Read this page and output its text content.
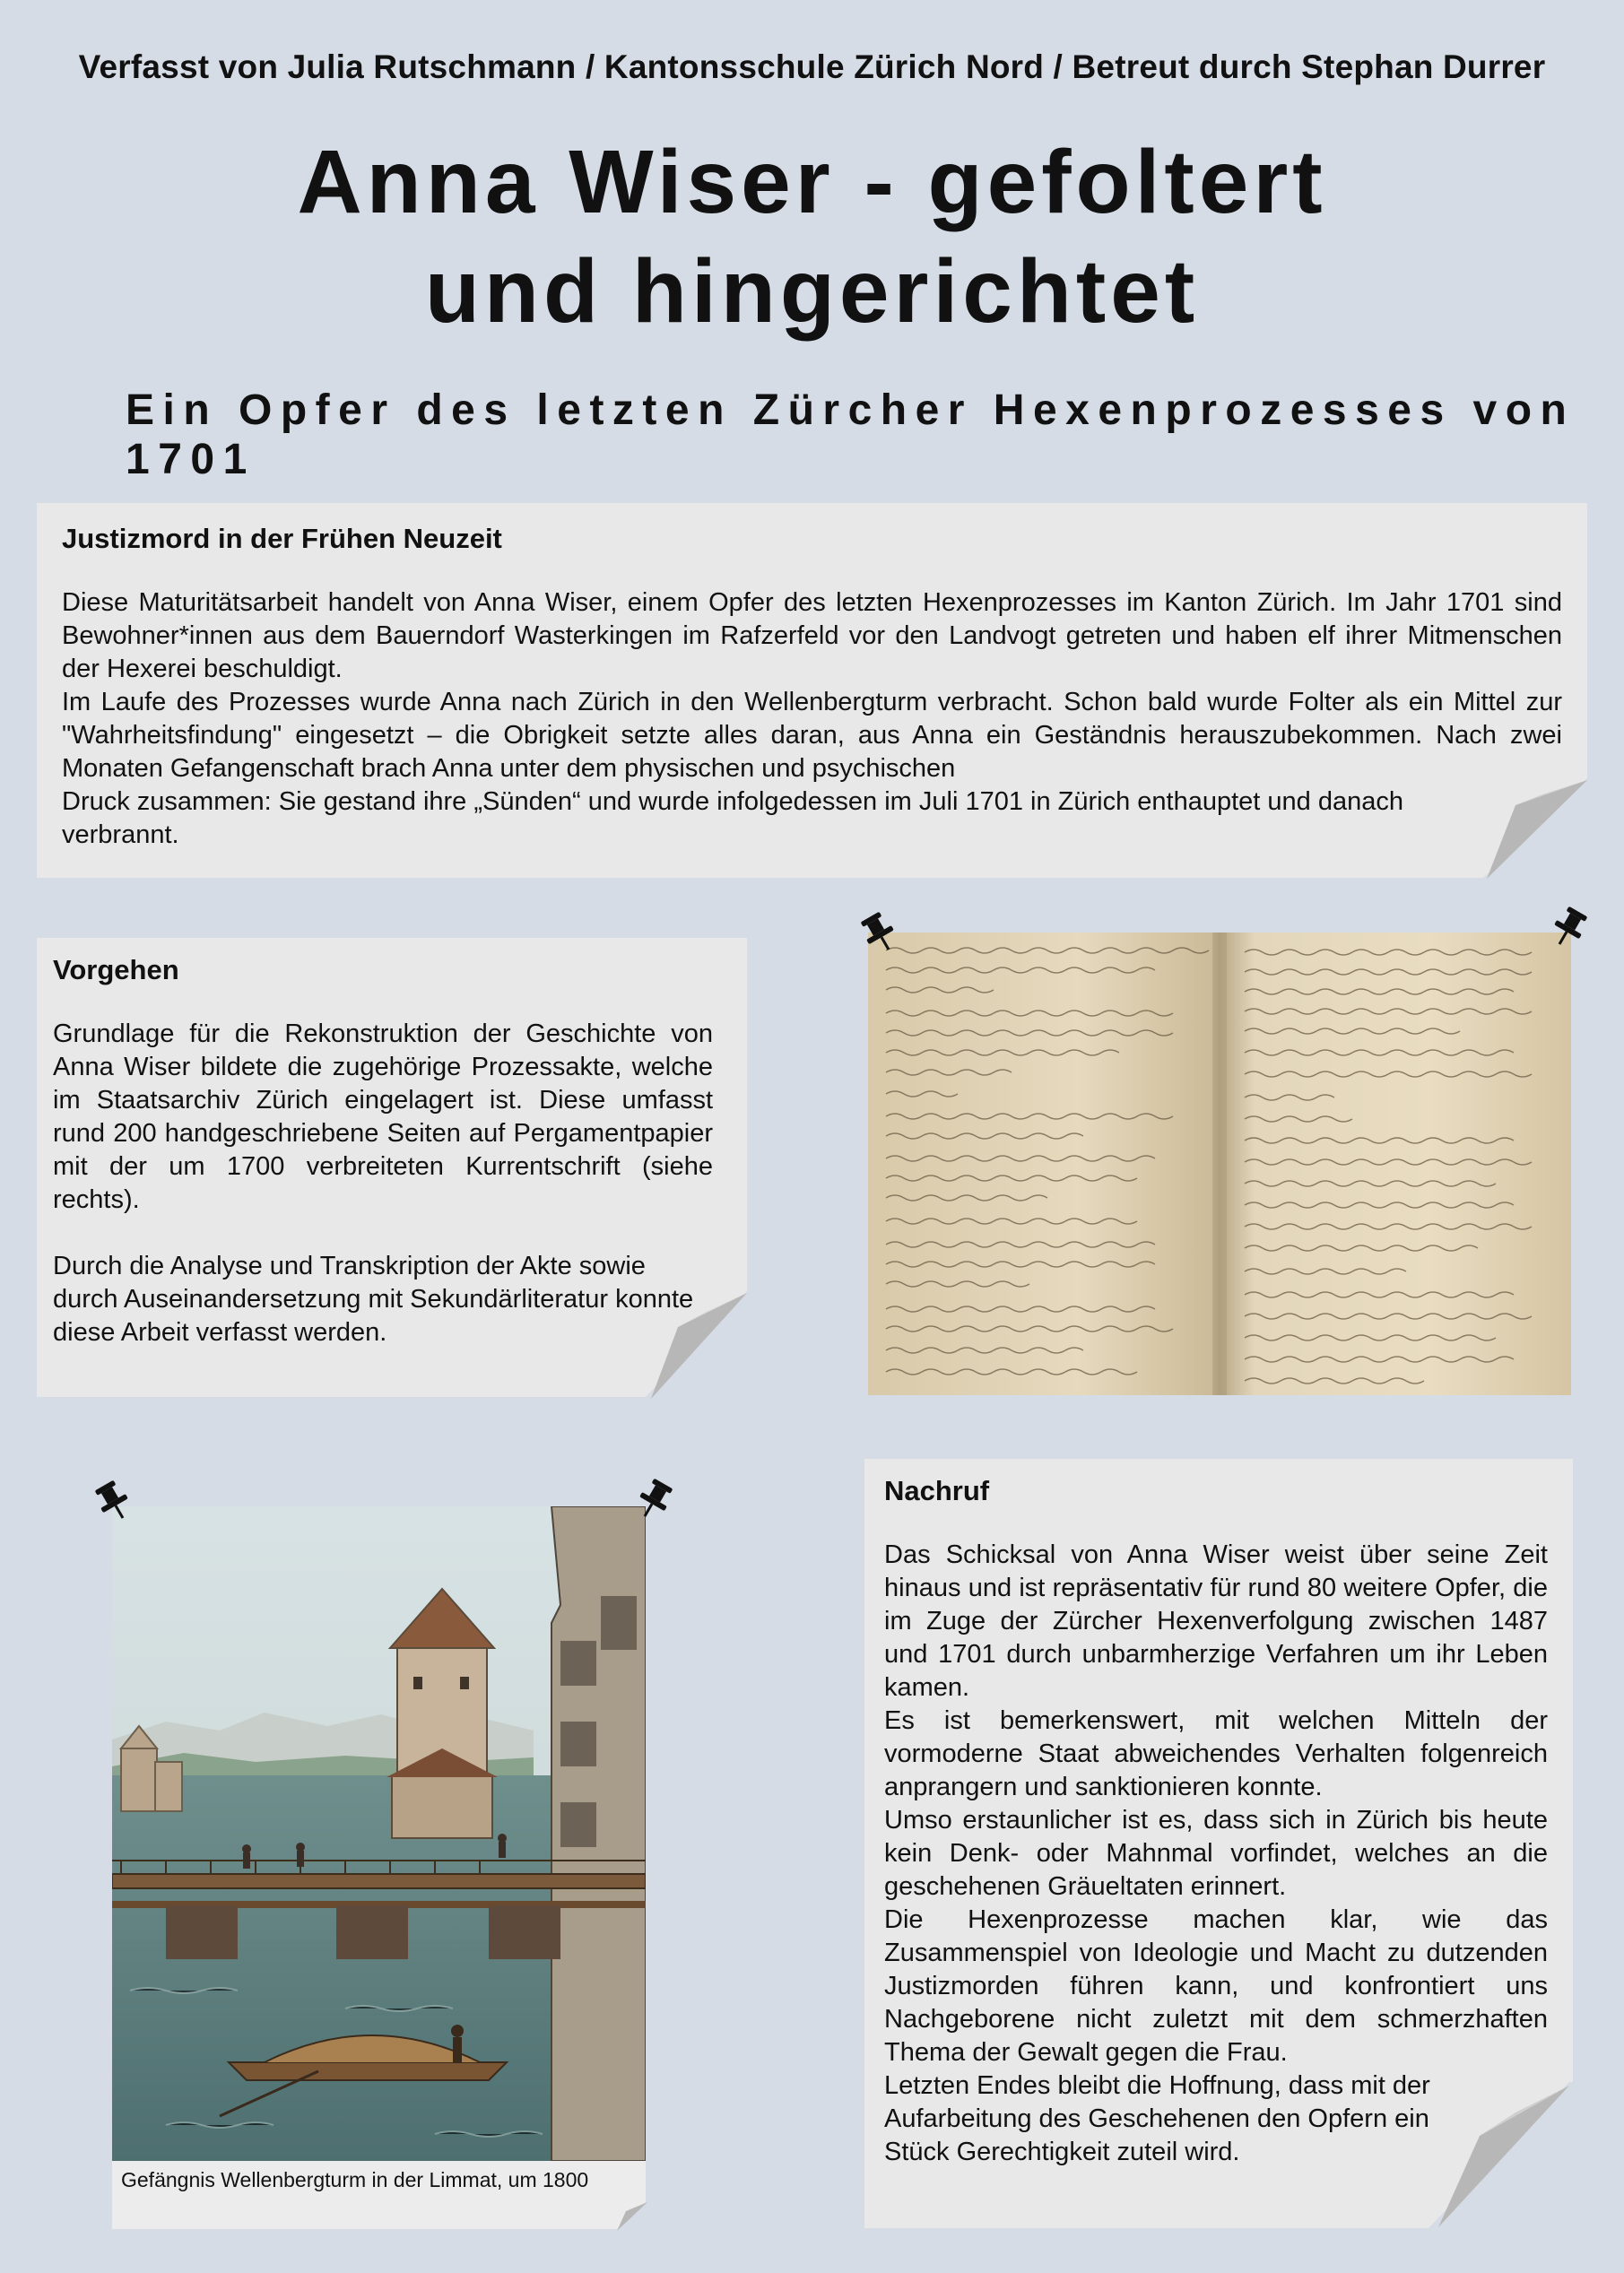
Verfasst von Julia Rutschmann / Kantonsschule Zürich Nord / Betreut durch Stephan Durrer
Anna Wiser - gefoltert
und hingerichtet
Ein Opfer des letzten Zürcher Hexenprozesses von 1701
Justizmord in der Frühen Neuzeit

Diese Maturitätsarbeit handelt von Anna Wiser, einem Opfer des letzten Hexenprozesses im Kanton Zürich. Im Jahr 1701 sind Bewohner*innen aus dem Bauerndorf Wasterkingen im Rafzerfeld vor den Landvogt getreten und haben elf ihrer Mitmenschen der Hexerei beschuldigt.

Im Laufe des Prozesses wurde Anna nach Zürich in den Wellenbergturm verbracht. Schon bald wurde Folter als ein Mittel zur "Wahrheitsfindung" eingesetzt – die Obrigkeit setzte alles daran, aus Anna ein Geständnis herauszubekommen. Nach zwei Monaten Gefangenschaft brach Anna unter dem physischen und psychischen

Druck zusammen: Sie gestand ihre „Sünden“ und wurde infolgedessen im Juli 1701 in Zürich enthauptet und danach verbrannt.

Vorgehen

Grundlage für die Rekonstruktion der Geschichte von Anna Wiser bildete die zugehörige Prozessakte, welche im Staatsarchiv Zürich eingelagert ist. Diese umfasst rund 200 handgeschriebene Seiten auf Pergamentpapier mit der um 1700 verbreiteten Kurrentschrift (siehe rechts).

Durch die Analyse und Transkription der Akte sowie durch Auseinandersetzung mit Sekundärliteratur konnte diese Arbeit verfasst werden.

Gefängnis Wellenbergturm in der Limmat, um 1800
Nachruf

Das Schicksal von Anna Wiser weist über seine Zeit hinaus und ist repräsentativ für rund 80 weitere Opfer, die im Zuge der Zürcher Hexenverfolgung zwischen 1487 und 1701 durch unbarmherzige Verfahren um ihr Leben kamen.

Es ist bemerkenswert, mit welchen Mitteln der vormoderne Staat abweichendes Verhalten folgenreich anprangern und sanktionieren konnte.

Umso erstaunlicher ist es, dass sich in Zürich bis heute kein Denk- oder Mahnmal vorfindet, welches an die geschehenen Gräueltaten erinnert.

Die Hexenprozesse machen klar, wie das Zusammenspiel von Ideologie und Macht zu dutzenden Justizmorden führen kann, und konfrontiert uns Nachgeborene nicht zuletzt mit dem schmerzhaften Thema der Gewalt gegen die Frau.

Letzten Endes bleibt die Hoffnung, dass mit der Aufarbeitung des Geschehenen den Opfern ein Stück Gerechtigkeit zuteil wird.
